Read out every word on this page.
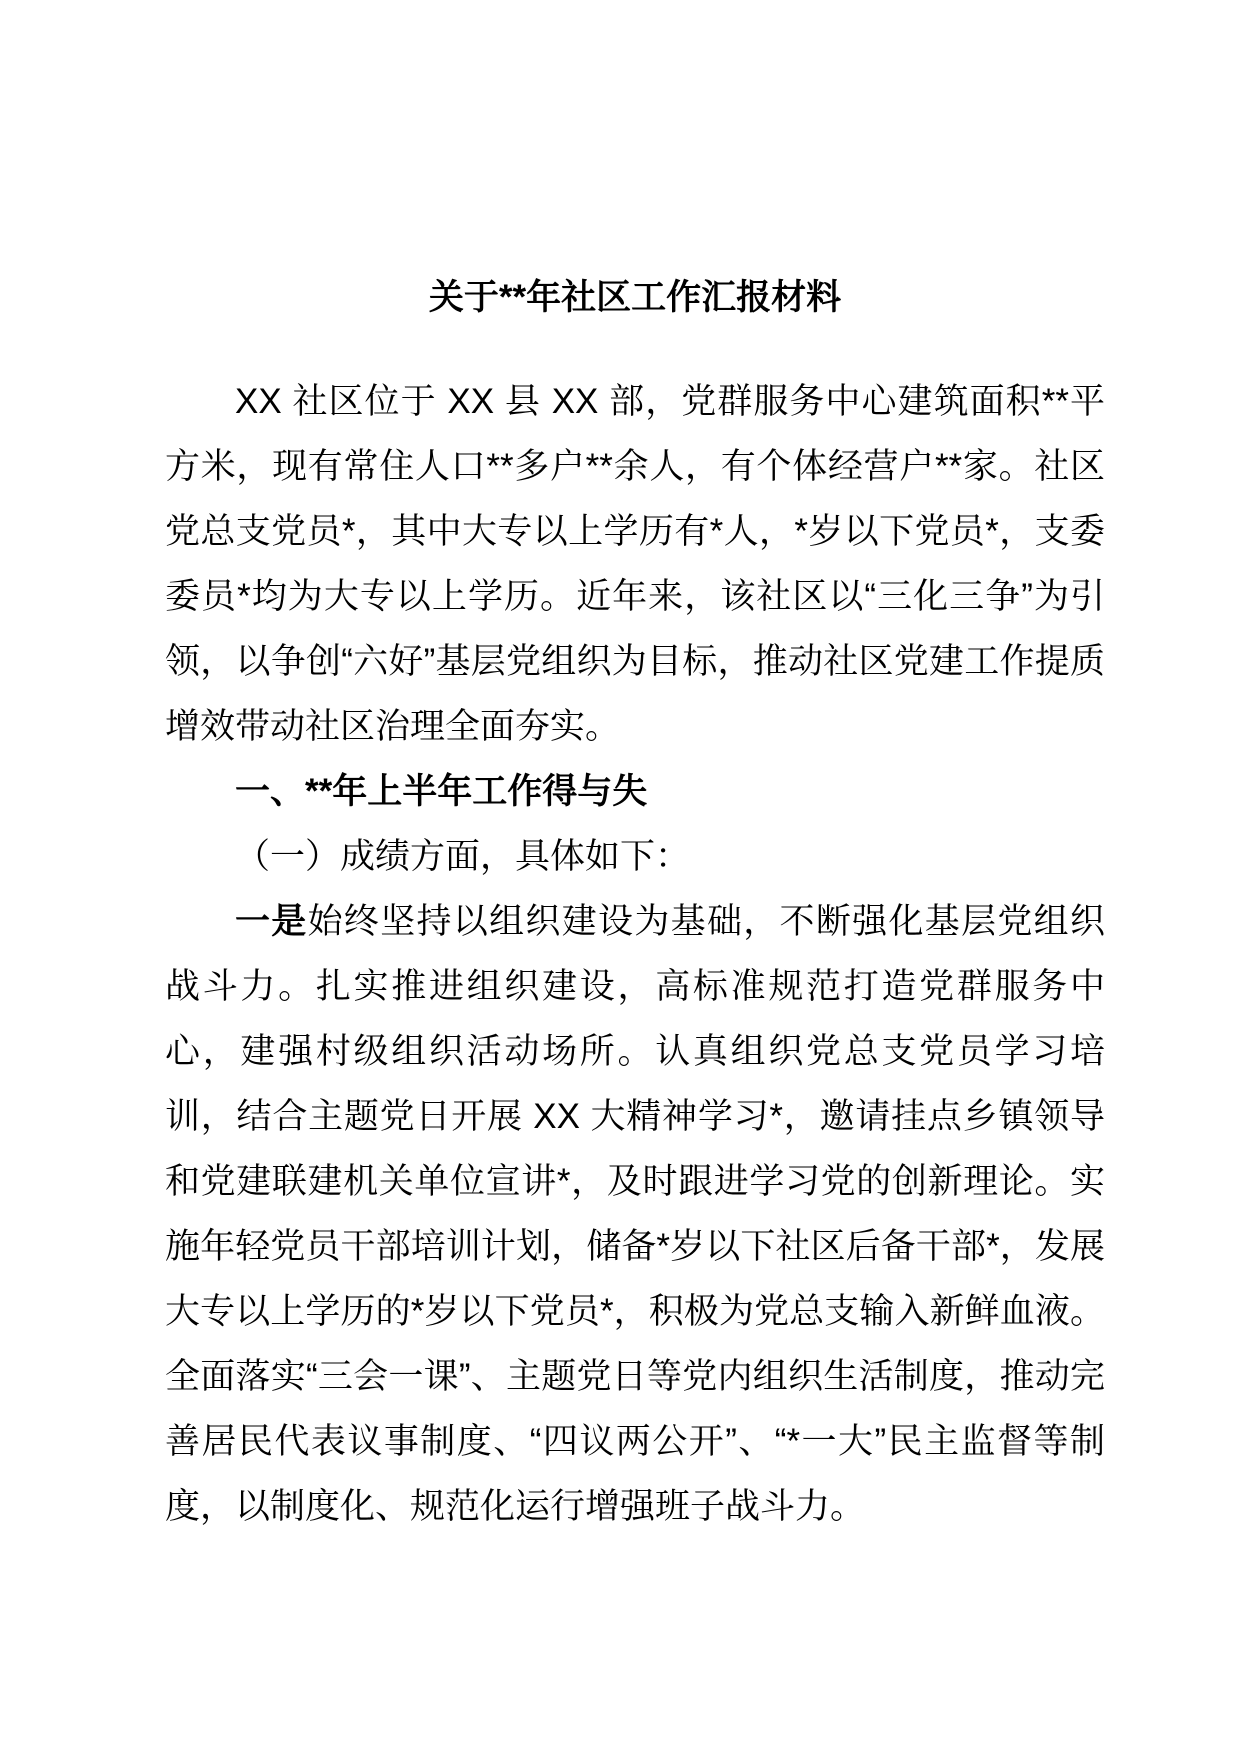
关于**年社区工作汇报材料

XX 社区位于 XX 县 XX 部，党群服务中心建筑面积**平方米，现有常住人口**多户**余人，有个体经营户**家。社区党总支党员*，其中大专以上学历有*人，*岁以下党员*，支委委员*均为大专以上学历。近年来，该社区以“三化三争”为引领，以争创“六好”基层党组织为目标，推动社区党建工作提质增效带动社区治理全面夯实。

一、**年上半年工作得与失

（一）成绩方面，具体如下：

一是始终坚持以组织建设为基础，不断强化基层党组织战斗力。扎实推进组织建设，高标准规范打造党群服务中心，建强村级组织活动场所。认真组织党总支党员学习培训，结合主题党日开展 XX 大精神学习*，邀请挂点乡镇领导和党建联建机关单位宣讲*，及时跟进学习党的创新理论。实施年轻党员干部培训计划，储备*岁以下社区后备干部*，发展大专以上学历的*岁以下党员*，积极为党总支输入新鲜血液。全面落实“三会一课”、主题党日等党内组织生活制度，推动完善居民代表议事制度、“四议两公开”、“*一大”民主监督等制度，以制度化、规范化运行增强班子战斗力。
